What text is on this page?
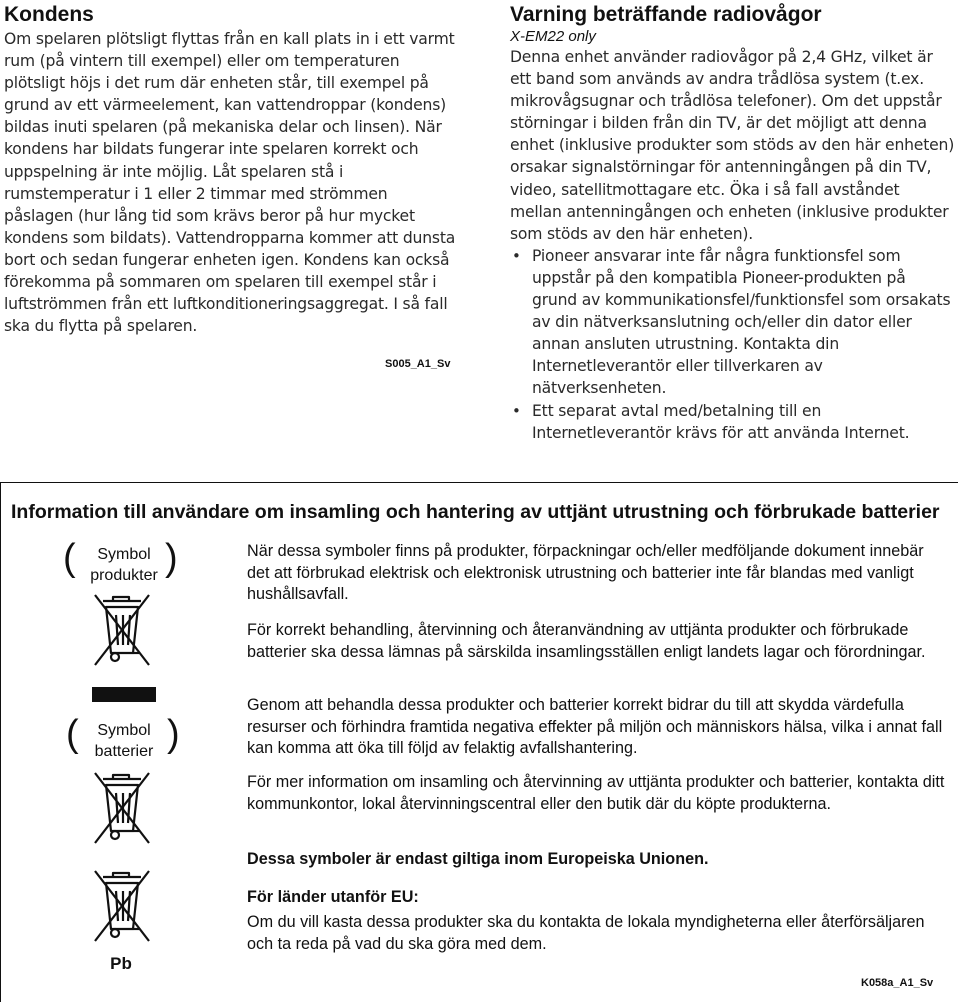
Kondens

Om spelaren plötsligt flyttas från en kall plats in i ett varmt rum (på vintern till exempel) eller om temperaturen plötsligt höjs i det rum där enheten står, till exempel på grund av ett värmeelement, kan vattendroppar (kondens) bildas inuti spelaren (på mekaniska delar och linsen). När kondens har bildats fungerar inte spelaren korrekt och uppspelning är inte möjlig. Låt spelaren stå i rumstemperatur i 1 eller 2 timmar med strömmen påslagen (hur lång tid som krävs beror på hur mycket kondens som bildats). Vattendropparna kommer att dunsta bort och sedan fungerar enheten igen. Kondens kan också förekomma på sommaren om spelaren till exempel står i luftströmmen från ett luftkonditioneringsaggregat. I så fall ska du flytta på spelaren.

S005_A1_Sv
Varning beträffande radiovågor

X-EM22 only

Denna enhet använder radiovågor på 2,4 GHz, vilket är ett band som används av andra trådlösa system (t.ex. mikrovågsugnar och trådlösa telefoner). Om det uppstår störningar i bilden från din TV, är det möjligt att denna enhet (inklusive produkter som stöds av den här enheten) orsakar signalstörningar för antenningången på din TV, video, satellitmottagare etc. Öka i så fall avståndet mellan antenningången och enheten (inklusive produkter som stöds av den här enheten).

• Pioneer ansvarar inte får några funktionsfel som uppstår på den kompatibla Pioneer-produkten på grund av kommunikationsfel/funktionsfel som orsakats av din nätverksanslutning och/eller din dator eller annan ansluten utrustning. Kontakta din Internetleverantör eller tillverkaren av nätverksenheten.
• Ett separat avtal med/betalning till en Internetleverantör krävs för att använda Internet.
Information till användare om insamling och hantering av uttjänt utrustning och förbrukade batterier
(	Symbol
produkter )
(	Symbol
batterier )
Pb

När dessa symboler finns på produkter, förpackningar och/eller medföljande dokument innebär det att förbrukad elektrisk och elektronisk utrustning och batterier inte får blandas med vanligt hushållsavfall.

För korrekt behandling, återvinning och återanvändning av uttjänta produkter och förbrukade batterier ska dessa lämnas på särskilda insamlingsställen enligt landets lagar och förordningar.

Genom att behandla dessa produkter och batterier korrekt bidrar du till att skydda värdefulla resurser och förhindra framtida negativa effekter på miljön och människors hälsa, vilka i annat fall kan komma att öka till följd av felaktig avfallshantering.

För mer information om insamling och återvinning av uttjänta produkter och batterier, kontakta ditt kommunkontor, lokal återvinningscentral eller den butik där du köpte produkterna.

Dessa symboler är endast giltiga inom Europeiska Unionen.

För länder utanför EU:

Om du vill kasta dessa produkter ska du kontakta de lokala myndigheterna eller återförsäljaren och ta reda på vad du ska göra med dem.

K058a_A1_Sv
